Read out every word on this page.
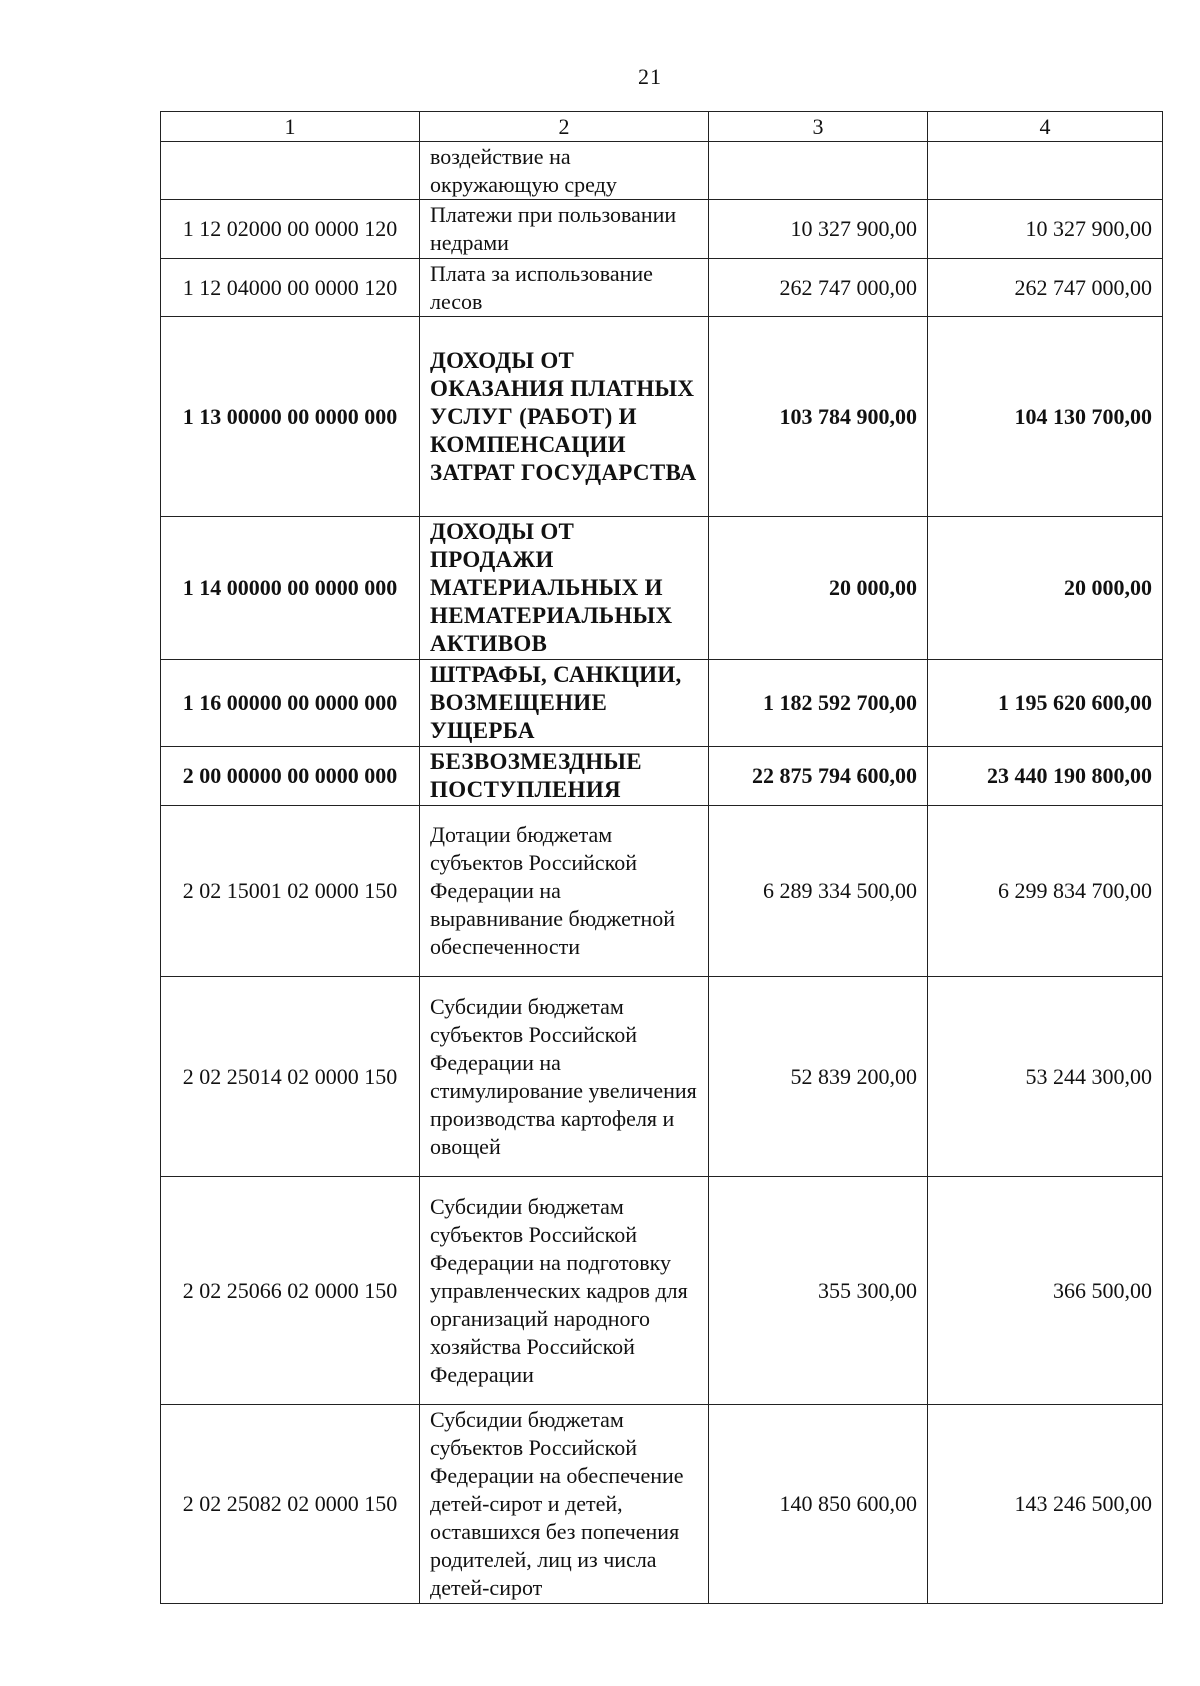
21
1	2	3	4
	воздействие на окружающую среду		
1 12 02000 00 0000 120	Платежи при пользовании недрами	10 327 900,00	10 327 900,00
1 12 04000 00 0000 120	Плата за использование лесов	262 747 000,00	262 747 000,00
1 13 00000 00 0000 000	ДОХОДЫ ОТ ОКАЗАНИЯ ПЛАТНЫХ УСЛУГ (РАБОТ) И КОМПЕНСАЦИИ ЗАТРАТ ГОСУДАРСТВА	103 784 900,00	104 130 700,00
1 14 00000 00 0000 000	ДОХОДЫ ОТ ПРОДАЖИ МАТЕРИАЛЬНЫХ И НЕМАТЕРИАЛЬНЫХ АКТИВОВ	20 000,00	20 000,00
1 16 00000 00 0000 000	ШТРАФЫ, САНКЦИИ, ВОЗМЕЩЕНИЕ УЩЕРБА	1 182 592 700,00	1 195 620 600,00
2 00 00000 00 0000 000	БЕЗВОЗМЕЗДНЫЕ ПОСТУПЛЕНИЯ	22 875 794 600,00	23 440 190 800,00
2 02 15001 02 0000 150	Дотации бюджетам субъектов Российской Федерации на выравнивание бюджетной обеспеченности	6 289 334 500,00	6 299 834 700,00
2 02 25014 02 0000 150	Субсидии бюджетам субъектов Российской Федерации на стимулирование увеличения производства картофеля и овощей	52 839 200,00	53 244 300,00
2 02 25066 02 0000 150	Субсидии бюджетам субъектов Российской Федерации на подготовку управленческих кадров для организаций народного хозяйства Российской Федерации	355 300,00	366 500,00
2 02 25082 02 0000 150	Субсидии бюджетам субъектов Российской Федерации на обеспечение детей-сирот и детей, оставшихся без попечения родителей, лиц из числа детей-сирот	140 850 600,00	143 246 500,00
